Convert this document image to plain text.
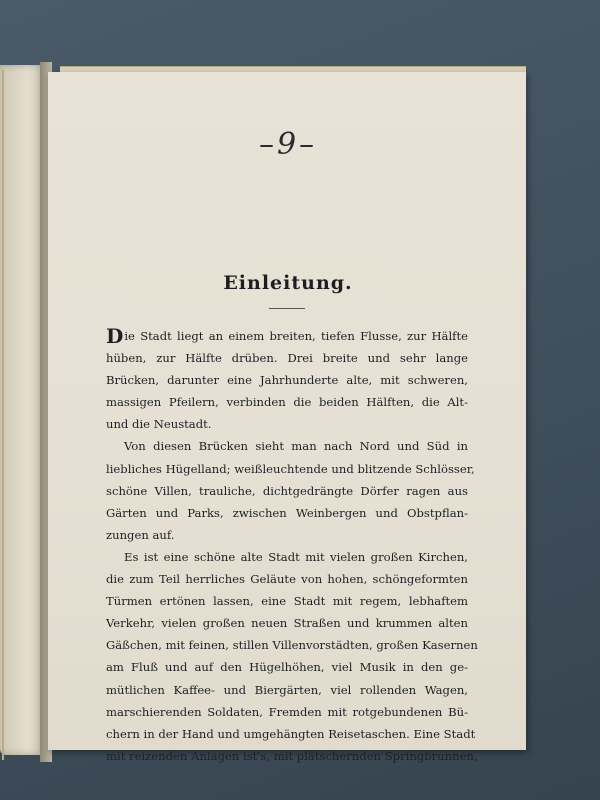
–9–
Einleitung.

Die Stadt liegt an einem breiten, tiefen Flusse, zur Hälfte
hüben, zur Hälfte drüben. Drei breite und sehr lange
Brücken, darunter eine Jahrhunderte alte, mit schweren,
massigen Pfeilern, verbinden die beiden Hälften, die Alt-
und die Neustadt.

Von diesen Brücken sieht man nach Nord und Süd in
liebliches Hügelland; weißleuchtende und blitzende Schlösser,
schöne Villen, trauliche, dichtgedrängte Dörfer ragen aus
Gärten und Parks, zwischen Weinbergen und Obstpflan-
zungen auf.

Es ist eine schöne alte Stadt mit vielen großen Kirchen,
die zum Teil herrliches Geläute von hohen, schöngeformten
Türmen ertönen lassen, eine Stadt mit regem, lebhaftem
Verkehr, vielen großen neuen Straßen und krummen alten
Gäßchen, mit feinen, stillen Villenvorstädten, großen Kasernen
am Fluß und auf den Hügelhöhen, viel Musik in den ge-
mütlichen Kaffee- und Biergärten, viel rollenden Wagen,
marschierenden Soldaten, Fremden mit rotgebundenen Bü-
chern in der Hand und umgehängten Reisetaschen. Eine Stadt
mit reizenden Anlagen ist's, mit plätschernden Springbrunnen,
